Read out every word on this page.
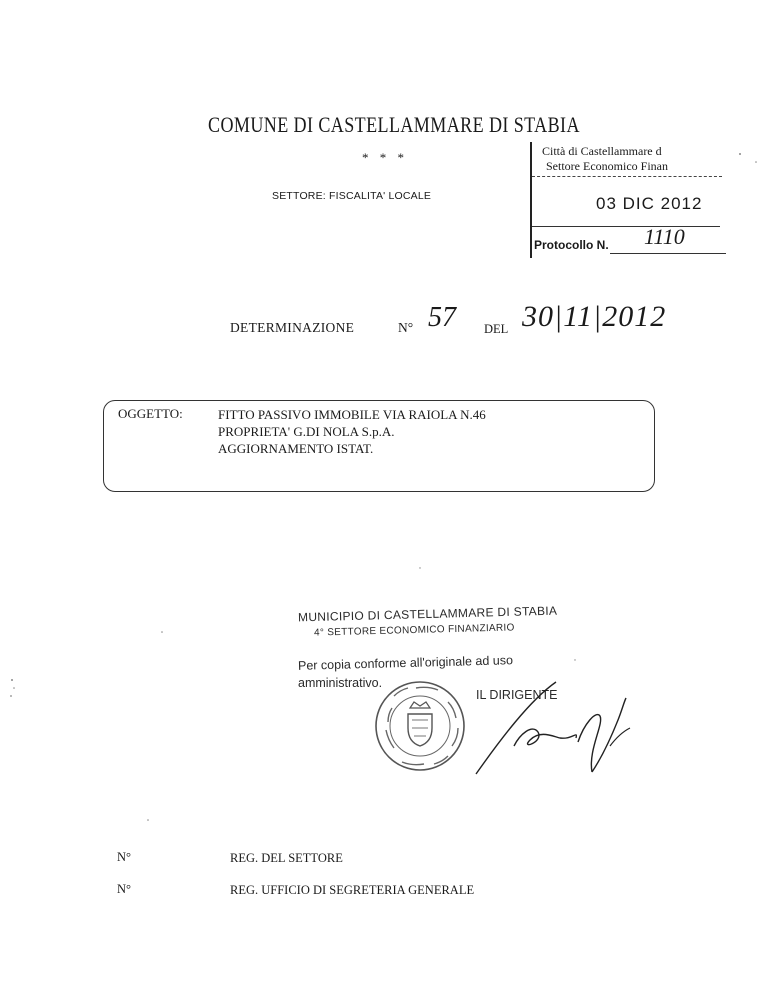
COMUNE DI CASTELLAMMARE DI STABIA
* * *
SETTORE: FISCALITA' LOCALE
Città di Castellammare d
Settore Economico Finan
03 DIC 2012
Protocollo N. 1110
DETERMINAZIONE	N° 57 DEL 30|11|2012
OGGETTO:	FITTO PASSIVO IMMOBILE VIA RAIOLA N.46
PROPRIETA' G.DI NOLA S.p.A.
AGGIORNAMENTO ISTAT.
MUNICIPIO DI CASTELLAMMARE DI STABIA
4° SETTORE ECONOMICO FINANZIARIO
Per copia conforme all'originale ad uso
amministrativo.
IL DIRIGENTE
N°	REG. DEL SETTORE
N°	REG. UFFICIO DI SEGRETERIA GENERALE
